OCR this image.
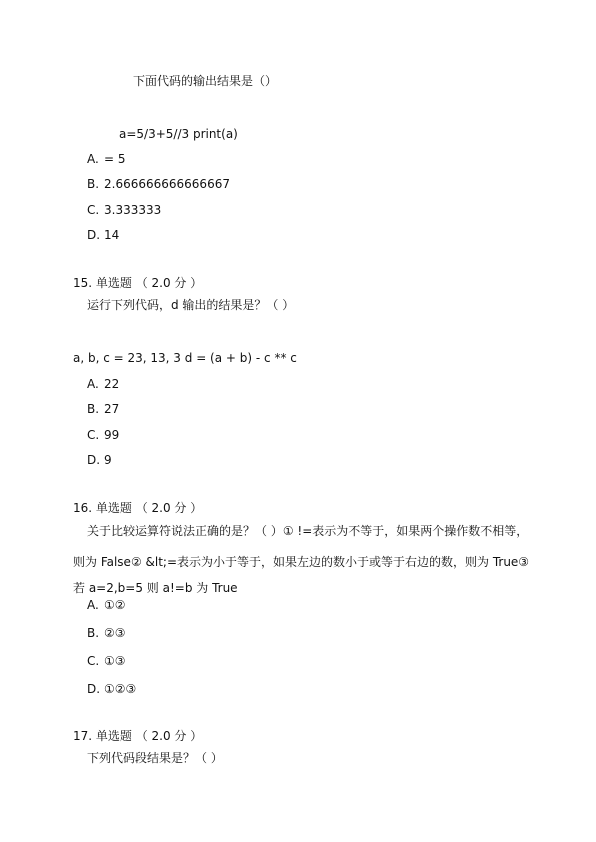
下面代码的输出结果是（）
a=5/3+5//3 print(a)
A. = 5
B. 2.666666666666667
C. 3.333333
D. 14
15. 单选题 （ 2.0 分 ）
运行下列代码，d 输出的结果是？（ ）
a, b, c = 23, 13, 3 d = (a + b) - c ** c
A. 22
B. 27
C. 99
D. 9
16. 单选题 （ 2.0 分 ）
关于比较运算符说法正确的是？（ ）① !=表示为不等于，如果两个操作数不相等，
则为 False② &lt;=表示为小于等于，如果左边的数小于或等于右边的数，则为 True③
若 a=2,b=5 则 a!=b 为 True
A. ①②
B. ②③
C. ①③
D. ①②③
17. 单选题 （ 2.0 分 ）
下列代码段结果是？（ ）
